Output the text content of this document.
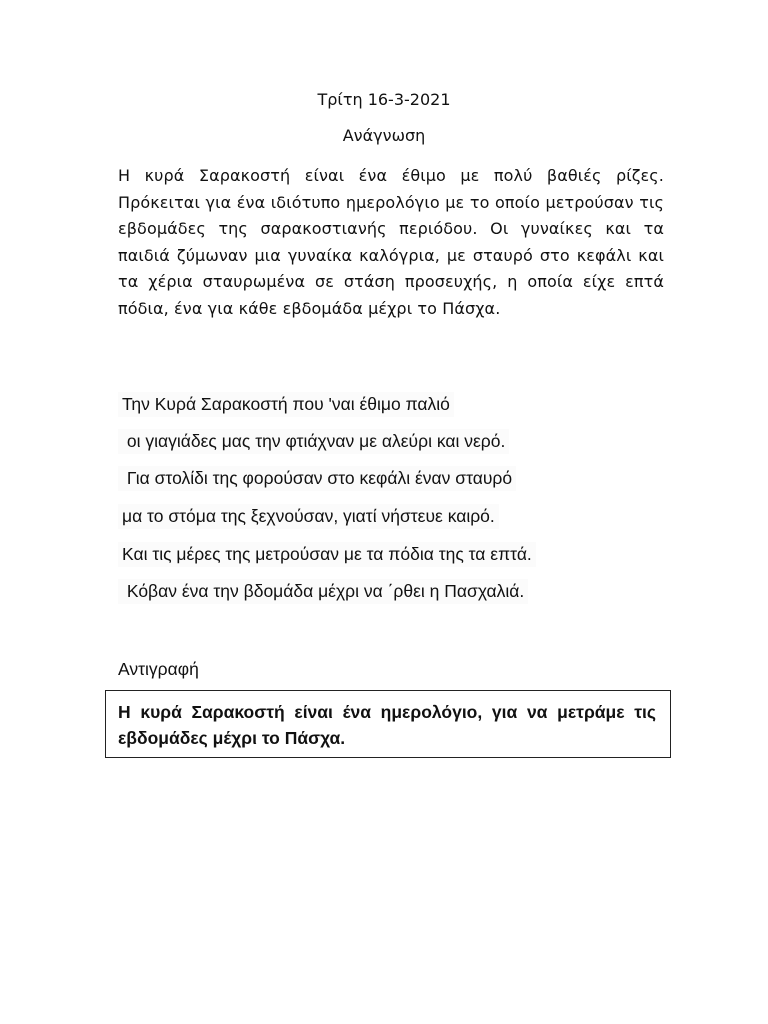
Τρίτη 16-3-2021
Ανάγνωση
Η κυρά Σαρακοστή είναι ένα έθιμο με πολύ βαθιές ρίζες. Πρόκειται για ένα ιδιότυπο ημερολόγιο με το οποίο μετρούσαν τις εβδομάδες της σαρακοστιανής περιόδου. Οι γυναίκες και τα παιδιά ζύμωναν μια γυναίκα καλόγρια, με σταυρό στο κεφάλι και τα χέρια σταυρωμένα σε στάση προσευχής, η οποία είχε επτά πόδια, ένα για κάθε εβδομάδα μέχρι το Πάσχα.
Την Κυρά Σαρακοστή που 'ναι έθιμο παλιό
οι γιαγιάδες μας την φτιάχναν με αλεύρι και νερό.
Για στολίδι της φορούσαν στο κεφάλι έναν σταυρό
μα το στόμα της ξεχνούσαν, γιατί νήστευε καιρό.
Και τις μέρες της μετρούσαν με τα πόδια της τα επτά.
Κόβαν ένα την βδομάδα μέχρι να ΄ρθει η Πασχαλιά.
Αντιγραφή
Η κυρά Σαρακοστή είναι ένα ημερολόγιο, για να μετράμε τις εβδομάδες μέχρι το Πάσχα.
